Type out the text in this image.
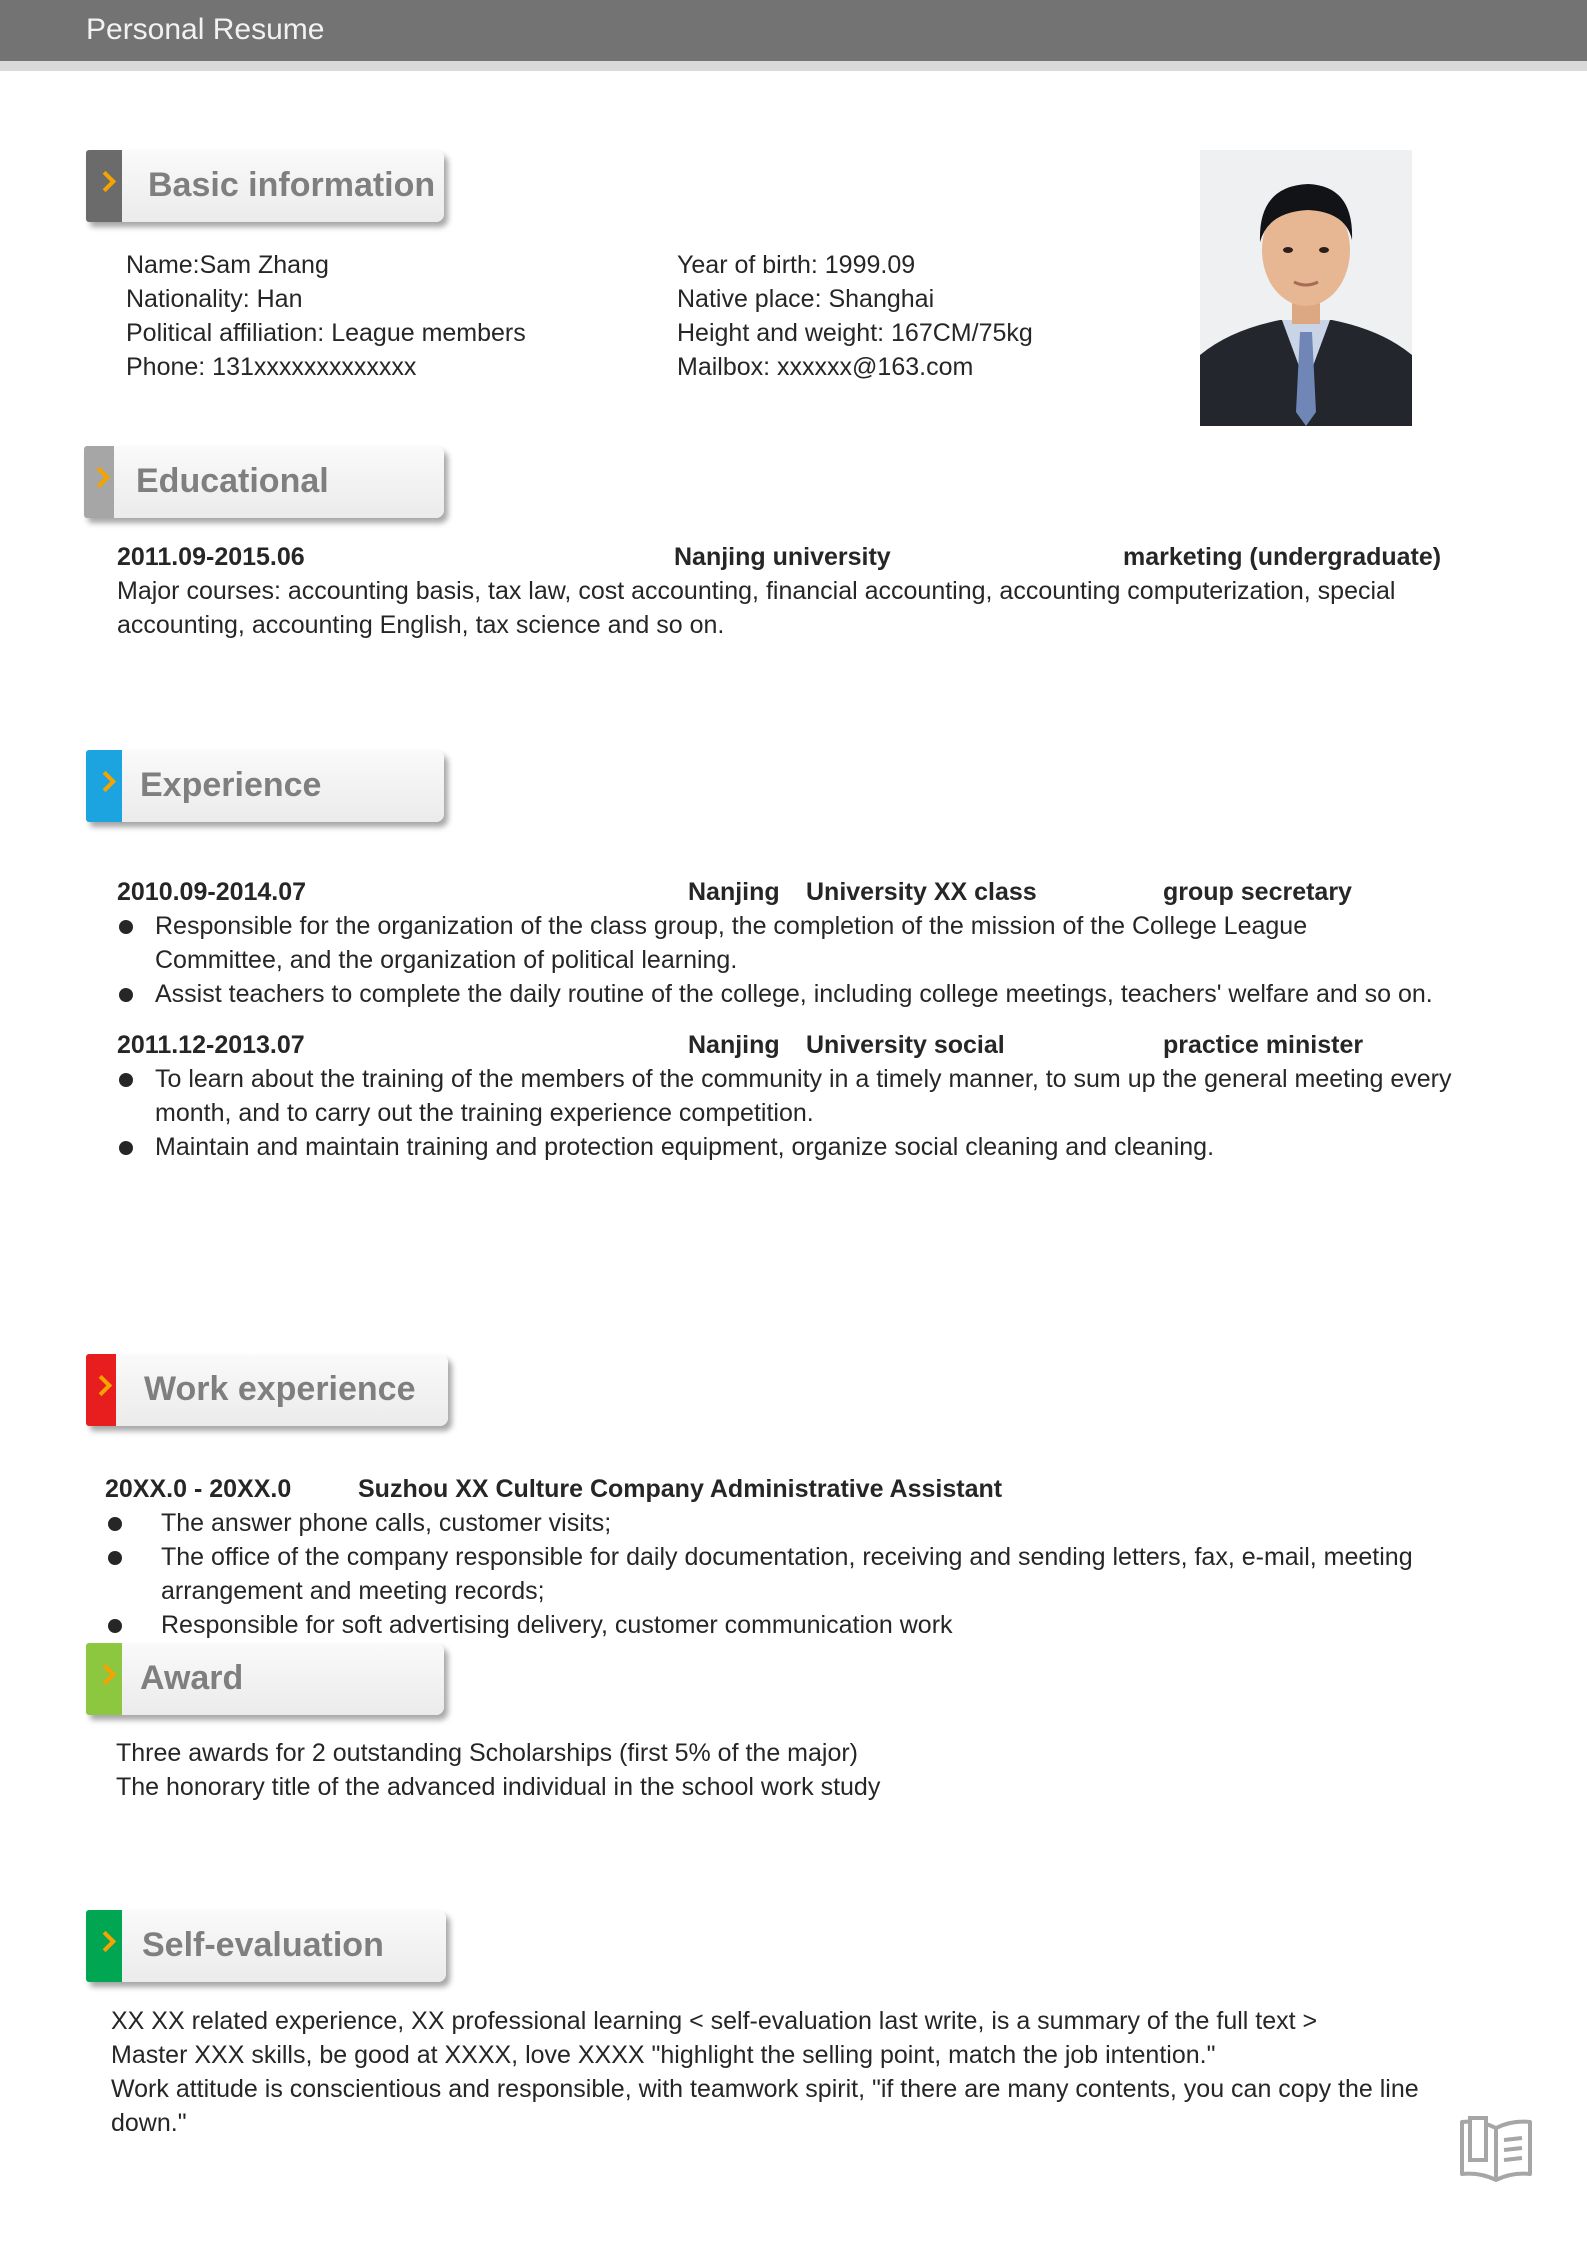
Personal Resume
Basic information
Name:Sam Zhang
Nationality: Han
Political affiliation: League members
Phone: 131xxxxxxxxxxxxx
Year of birth: 1999.09
Native place: Shanghai
Height and weight: 167CM/75kg
Mailbox: xxxxxx@163.com
Educational
2011.09-2015.06	Nanjing university	marketing (undergraduate)
Major courses: accounting basis, tax law, cost accounting, financial accounting, accounting computerization, special accounting, accounting English, tax science and so on.
Experience
2010.09-2014.07	Nanjing University XX class	group secretary
Responsible for the organization of the class group, the completion of the mission of the College League Committee, and the organization of political learning.
Assist teachers to complete the daily routine of the college, including college meetings, teachers' welfare and so on.
2011.12-2013.07	Nanjing University social	practice minister
To learn about the training of the members of the community in a timely manner, to sum up the general meeting every month, and to carry out the training experience competition.
Maintain and maintain training and protection equipment, organize social cleaning and cleaning.
Work experience
20XX.0 - 20XX.0	Suzhou XX Culture Company Administrative Assistant
The answer phone calls, customer visits;
The office of the company responsible for daily documentation, receiving and sending letters, fax, e-mail, meeting arrangement and meeting records;
Responsible for soft advertising delivery, customer communication work
Award
Three awards for 2 outstanding Scholarships (first 5% of the major)
The honorary title of the advanced individual in the school work study
Self-evaluation
XX XX related experience, XX professional learning < self-evaluation last write, is a summary of the full text >
Master XXX skills, be good at XXXX, love XXXX "highlight the selling point, match the job intention."
Work attitude is conscientious and responsible, with teamwork spirit, "if there are many contents, you can copy the line down."
